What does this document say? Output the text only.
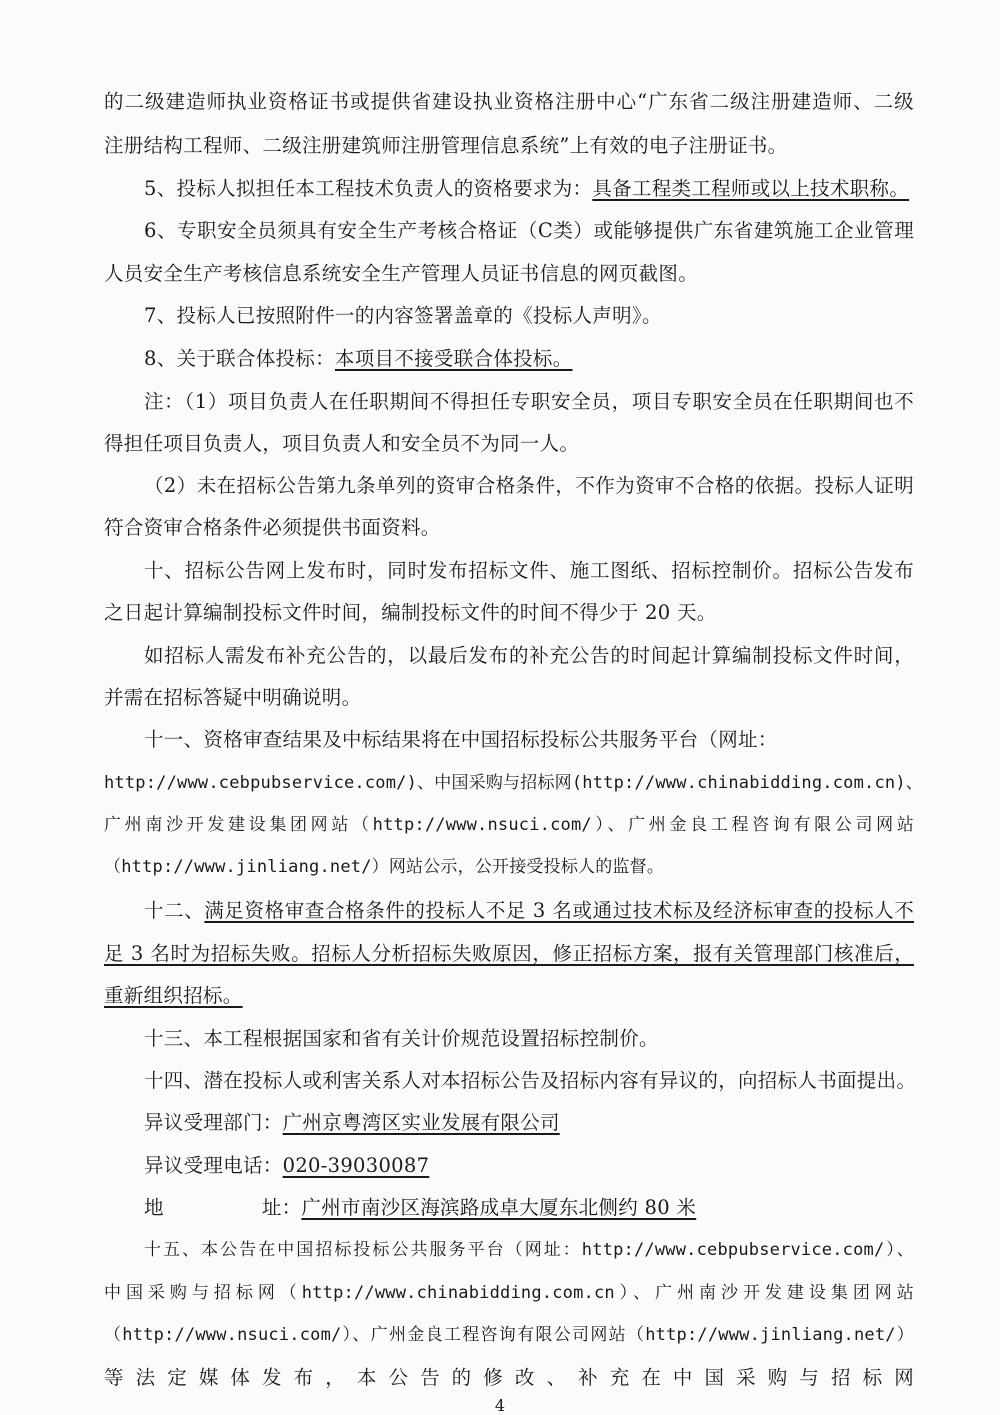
的二级建造师执业资格证书或提供省建设执业资格注册中心“广东省二级注册建造师、二级
注册结构工程师、二级注册建筑师注册管理信息系统”上有效的电子注册证书。
5、投标人拟担任本工程技术负责人的资格要求为：具备工程类工程师或以上技术职称。
6、专职安全员须具有安全生产考核合格证（C类）或能够提供广东省建筑施工企业管理
人员安全生产考核信息系统安全生产管理人员证书信息的网页截图。
7、投标人已按照附件一的内容签署盖章的《投标人声明》。
8、关于联合体投标：本项目不接受联合体投标。
注：（1）项目负责人在任职期间不得担任专职安全员，项目专职安全员在任职期间也不
得担任项目负责人，项目负责人和安全员不为同一人。
（2）未在招标公告第九条单列的资审合格条件，不作为资审不合格的依据。投标人证明
符合资审合格条件必须提供书面资料。
十、招标公告网上发布时，同时发布招标文件、施工图纸、招标控制价。招标公告发布
之日起计算编制投标文件时间，编制投标文件的时间不得少于 20 天。
如招标人需发布补充公告的，以最后发布的补充公告的时间起计算编制投标文件时间，
并需在招标答疑中明确说明。
十一、资格审查结果及中标结果将在中国招标投标公共服务平台（网址：
http://www.cebpubservice.com/)、中国采购与招标网(http://www.chinabidding.com.cn)、
广州南沙开发建设集团网站（http://www.nsuci.com/）、广州金良工程咨询有限公司网站
（http://www.jinliang.net/）网站公示，公开接受投标人的监督。
十二、满足资格审查合格条件的投标人不足 3 名或通过技术标及经济标审查的投标人不
足 3 名时为招标失败。招标人分析招标失败原因，修正招标方案，报有关管理部门核准后，
重新组织招标。
十三、本工程根据国家和省有关计价规范设置招标控制价。
十四、潜在投标人或利害关系人对本招标公告及招标内容有异议的，向招标人书面提出。
异议受理部门：广州京粤湾区实业发展有限公司
异议受理电话：020-39030087
地	址：广州市南沙区海滨路成卓大厦东北侧约 80 米
十五、本公告在中国招标投标公共服务平台（网址：http://www.cebpubservice.com/）、
中国采购与招标网（http://www.chinabidding.com.cn）、广州南沙开发建设集团网站
（http://www.nsuci.com/）、广州金良工程咨询有限公司网站（http://www.jinliang.net/）
等法定媒体发布，本公告的修改、补充在中国采购与招标网
4
